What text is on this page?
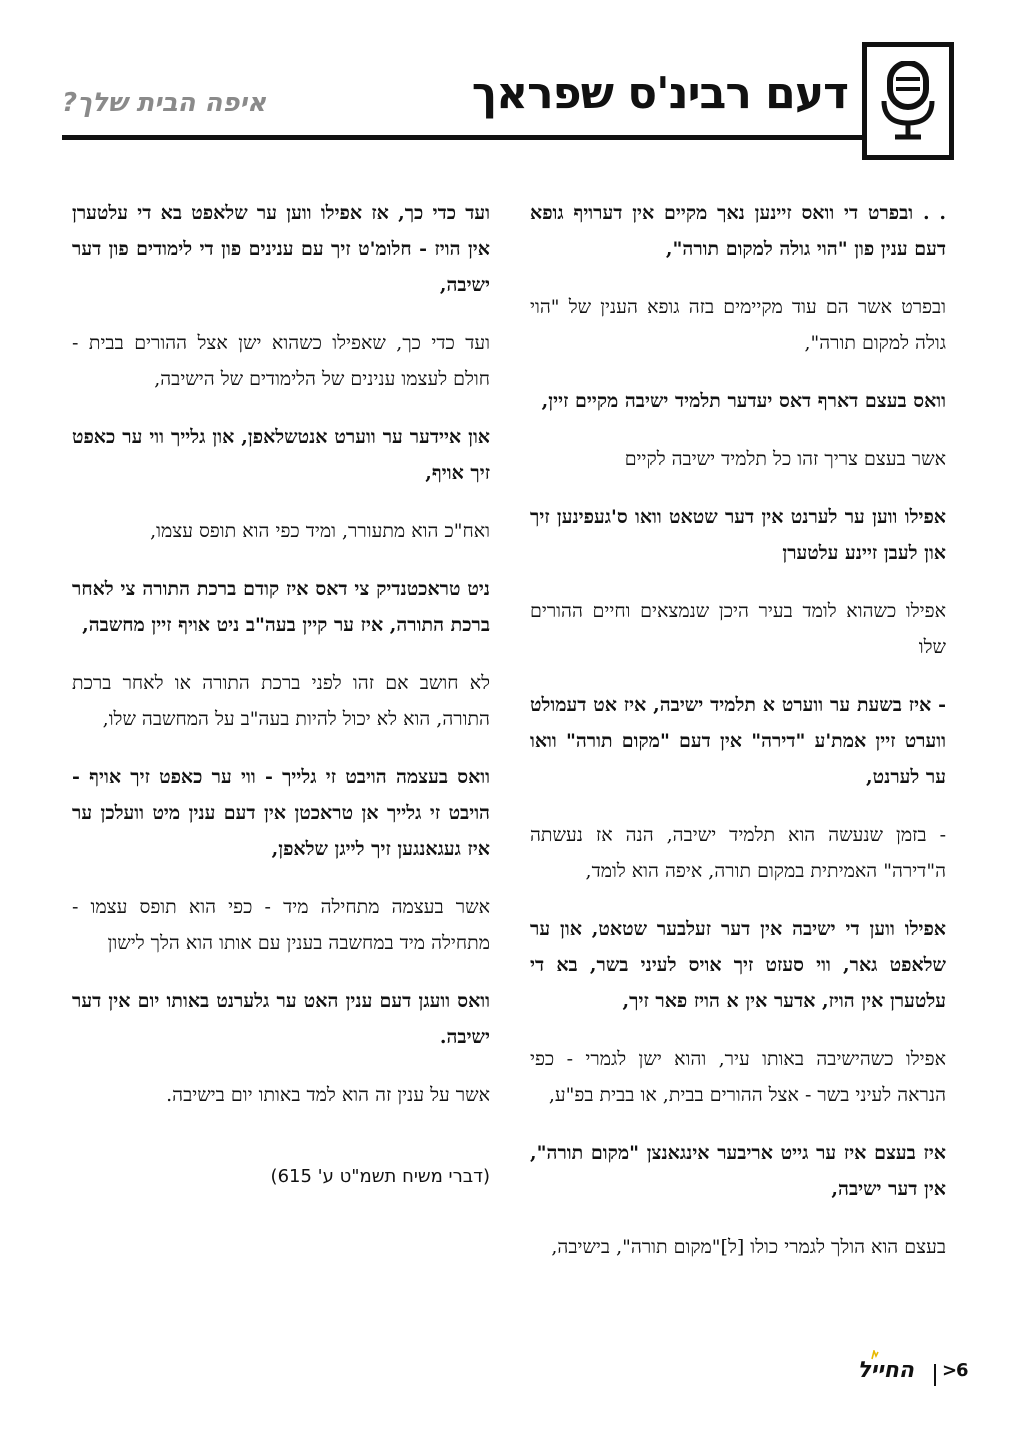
דעם רבינ'ס שפראך
איפה הבית שלך?

. . ובפרט די וואס זיינען נאך מקיים אין דערויף גופא דעם ענין פון "הוי גולה למקום תורה",

ובפרט אשר הם עוד מקיימים בזה גופא הענין של "הוי גולה למקום תורה",

וואס בעצם דארף דאס יעדער תלמיד ישיבה מקיים זיין,

אשר בעצם צריך זהו כל תלמיד ישיבה לקיים

אפילו ווען ער לערנט אין דער שטאט וואו ס'געפינען זיך און לעבן זיינע עלטערן

אפילו כשהוא לומד בעיר היכן שנמצאים וחיים ההורים שלו

- איז בשעת ער ווערט א תלמיד ישיבה, איז אט דעמולט ווערט זיין אמת'ע "דירה" אין דעם "מקום תורה" וואו ער לערנט,

- בזמן שנעשה הוא תלמיד ישיבה, הנה אז נעשתה ה"דירה" האמיתית במקום תורה, איפה הוא לומד,

אפילו ווען די ישיבה אין דער זעלבער שטאט, און ער שלאפט גאר, ווי סעזט זיך אויס לעיני בשר, בא די עלטערן אין הויז, אדער אין א הויז פאר זיך,

אפילו כשהישיבה באותו עיר, והוא ישן לגמרי - כפי הנראה לעיני בשר - אצל ההורים בבית, או בבית בפ"ע,

איז בעצם איז ער גייט אריבער אינגאנצן "מקום תורה", אין דער ישיבה,

בעצם הוא הולך לגמרי כולו [ל]"מקום תורה", בישיבה,

ועד כדי כך, אז אפילו ווען ער שלאפט בא די עלטערן אין הויז - חלומ'ט זיך עם ענינים פון די לימודים פון דער ישיבה,

ועד כדי כך, שאפילו כשהוא ישן אצל ההורים בבית - חולם לעצמו ענינים של הלימודים של הישיבה,

און איידער ער ווערט אנטשלאפן, און גלייך ווי ער כאפט זיך אויף,

ואח"כ הוא מתעורר, ומיד כפי הוא תופס עצמו,

ניט טראכטנדיק צי דאס איז קודם ברכת התורה צי לאחר ברכת התורה, איז ער קיין בעה"ב ניט אויף זיין מחשבה,

לא חושב אם זהו לפני ברכת התורה או לאחר ברכת התורה, הוא לא יכול להיות בעה"ב על המחשבה שלו,

וואס בעצמה הויבט זי גלייך - ווי ער כאפט זיך אויף - הויבט זי גלייך אן טראכטן אין דעם ענין מיט וועלכן ער איז געגאנגען זיך לייגן שלאפן,

אשר בעצמה מתחילה מיד - כפי הוא תופס עצמו - מתחילה מיד במחשבה בענין עם אותו הוא הלך לישון

וואס וועגן דעם ענין האט ער גלערנט באותו יום אין דער ישיבה.

אשר על ענין זה הוא למד באותו יום בישיבה.

(דברי משיח תשמ"ט ע' 615)

החייל >
6
